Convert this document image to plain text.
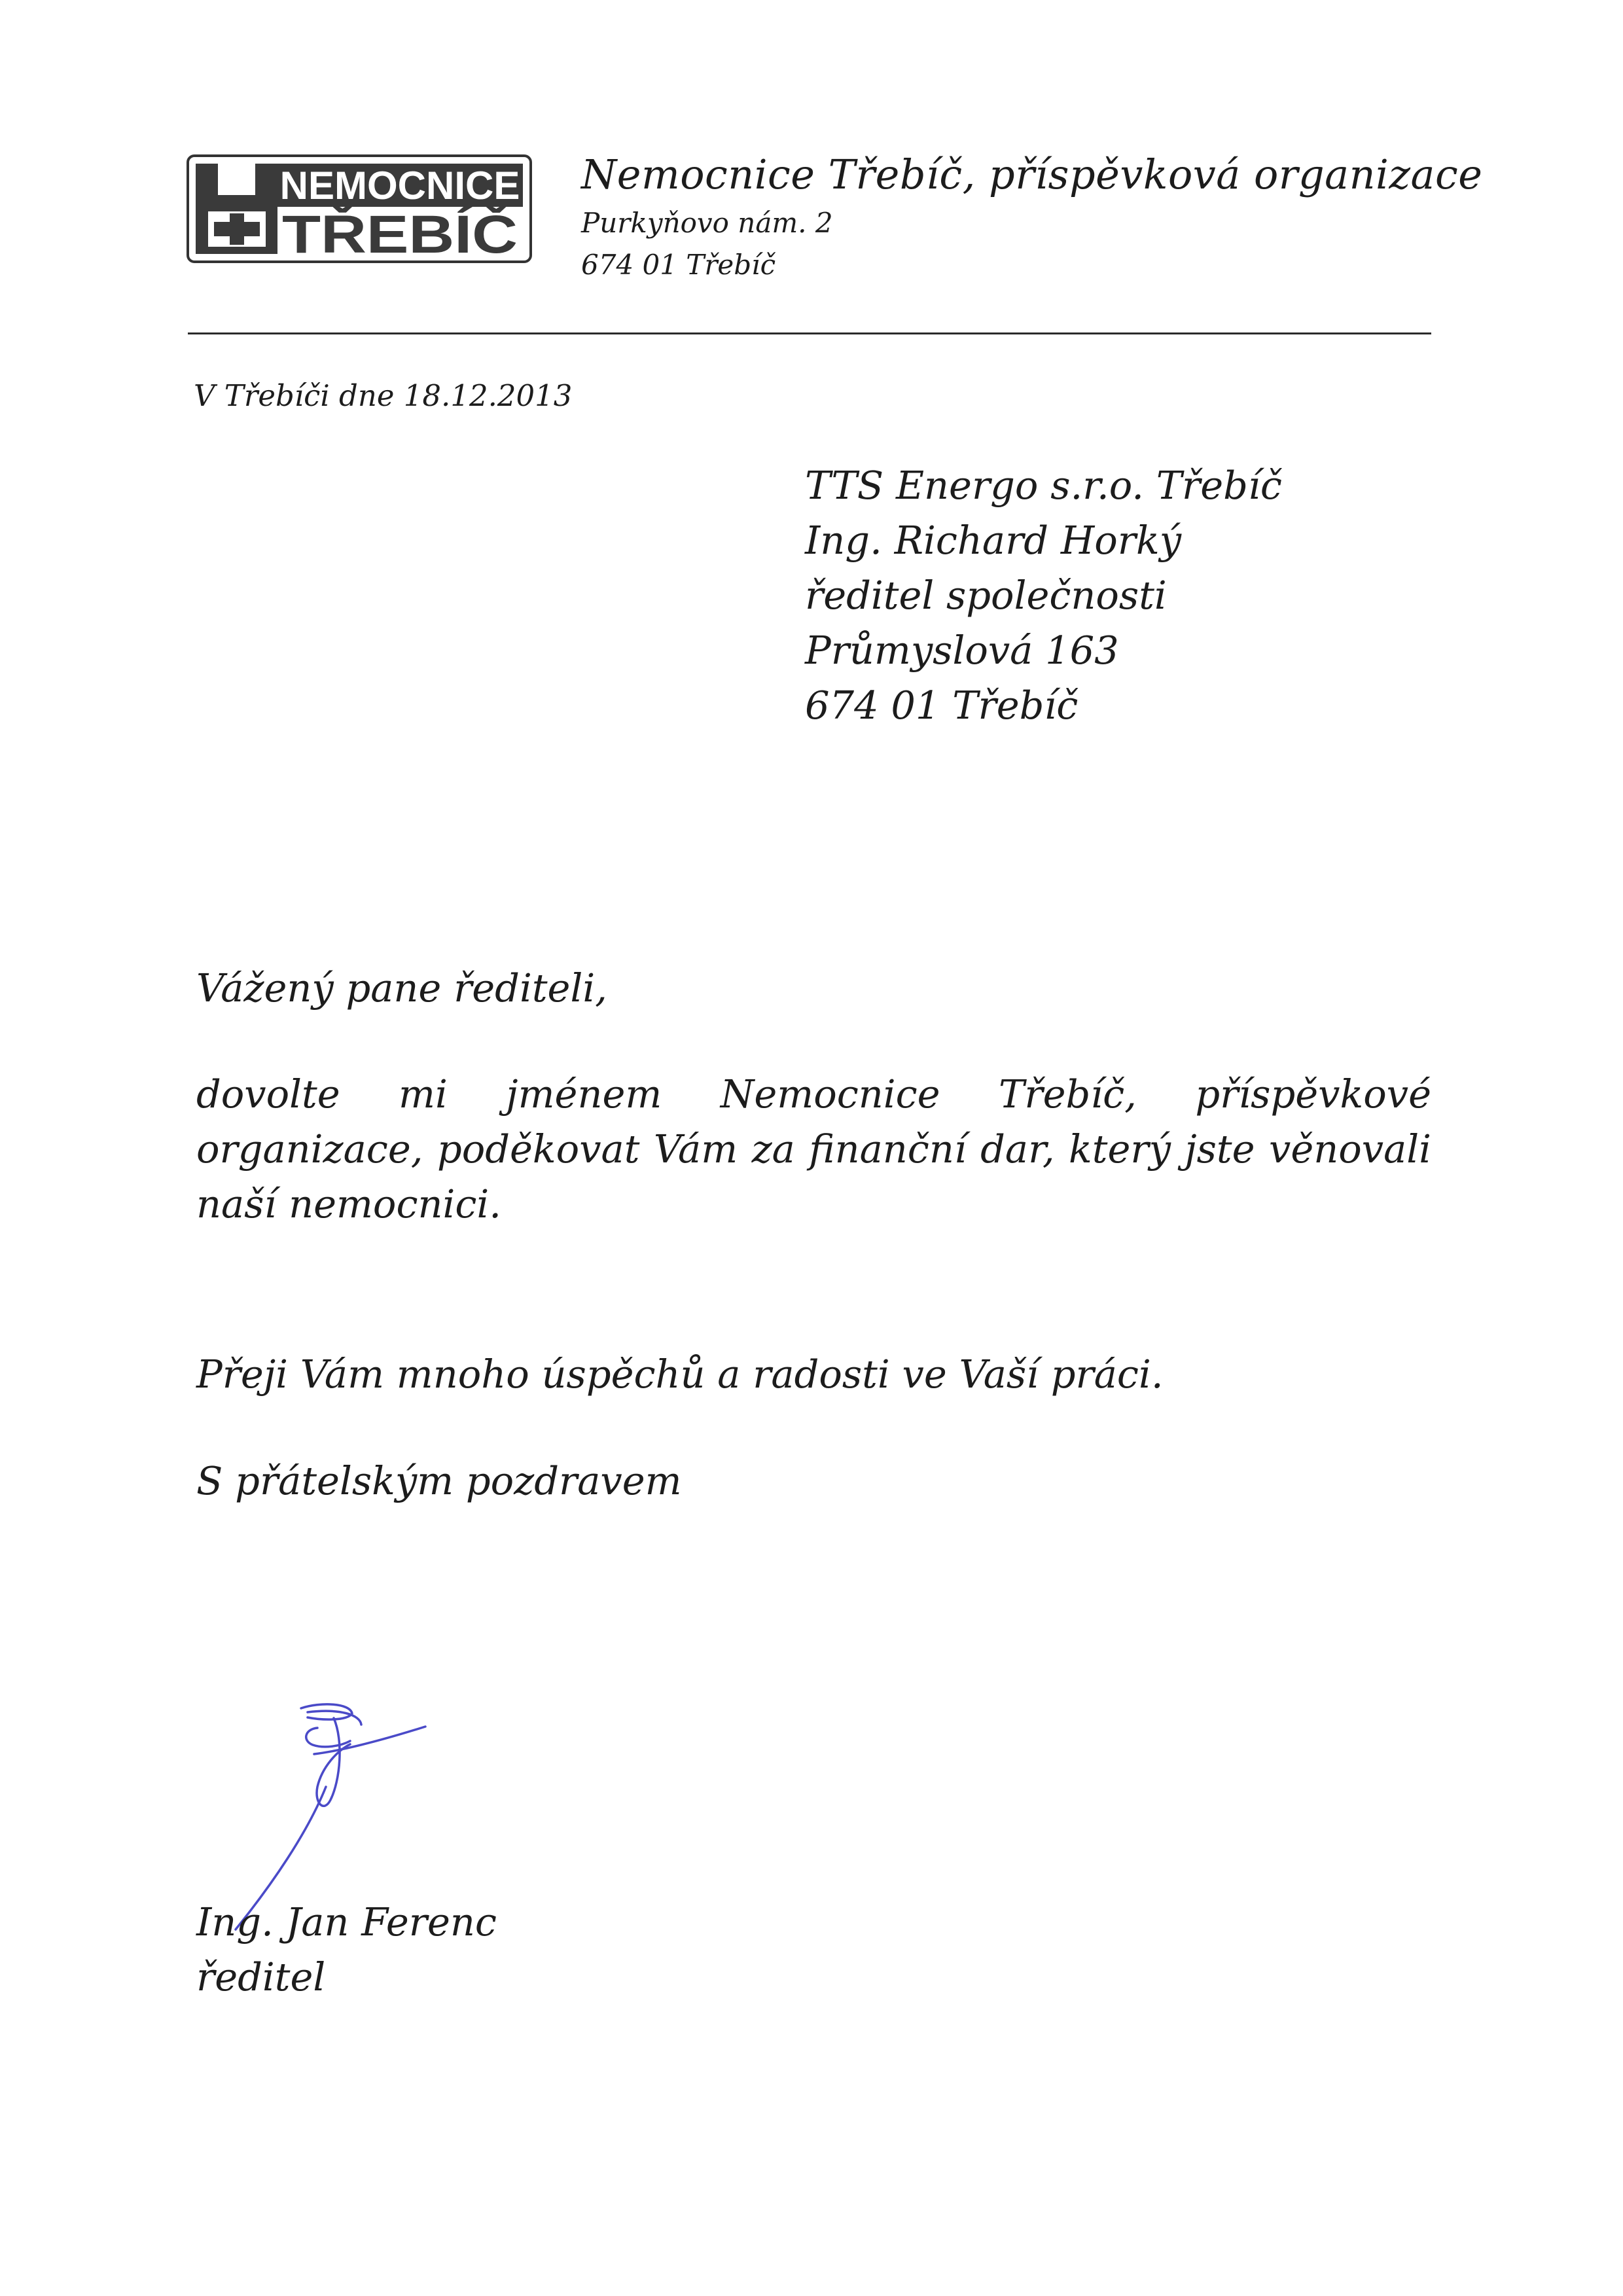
NEMOCNICE
TŘEBÍČ
Nemocnice Třebíč, příspěvková organizace
Purkyňovo nám. 2
674 01 Třebíč
V Třebíči dne 18.12.2013
TTS Energo s.r.o. Třebíč
Ing. Richard Horký
ředitel společnosti
Průmyslová 163
674 01 Třebíč
Vážený pane řediteli,
dovolte mi jménem Nemocnice Třebíč, příspěvkové organizace, poděkovat Vám za finanční dar, který jste věnovali naší nemocnici.
Přeji Vám mnoho úspěchů a radosti ve Vaší práci.
S přátelským pozdravem
Ing. Jan Ferenc
ředitel
